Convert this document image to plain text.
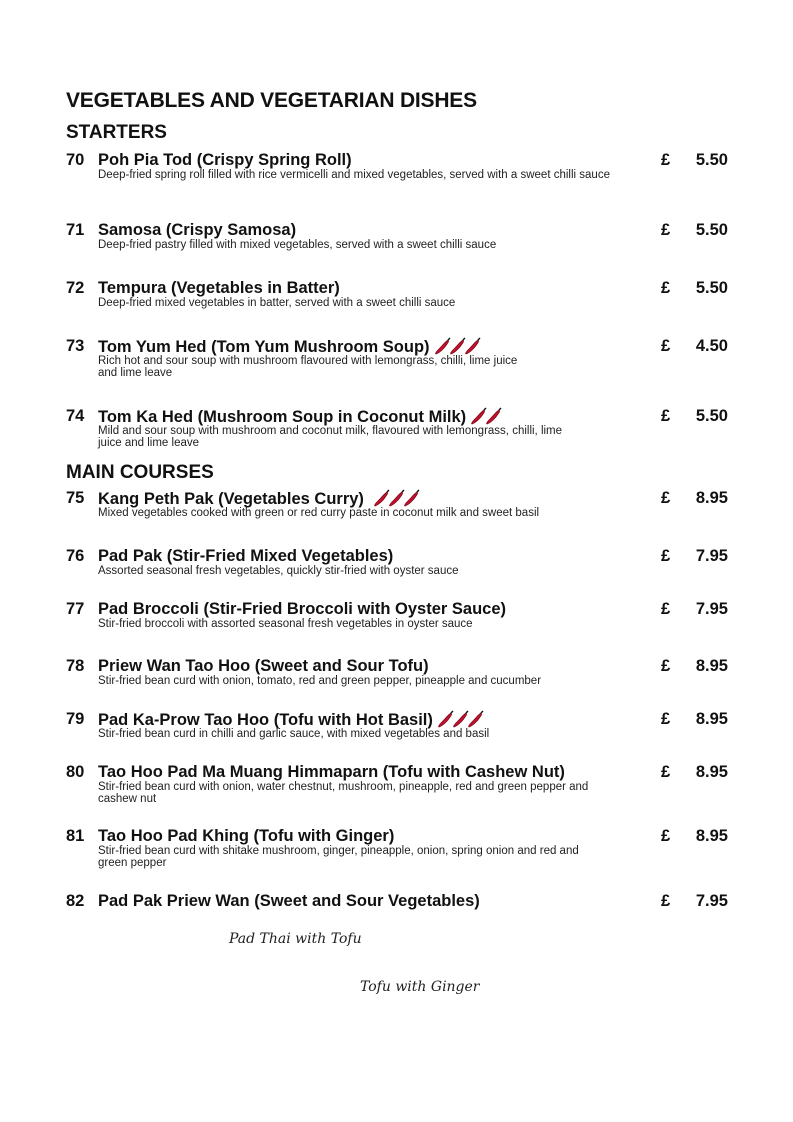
VEGETABLES AND VEGETARIAN DISHES
STARTERS
70 Poh Pia Tod (Crispy Spring Roll)	£ 5.50

Deep-fried spring roll filled with rice vermicelli and mixed vegetables, served with a sweet chilli sauce

71 Samosa (Crispy Samosa)	£ 5.50

Deep-fried pastry filled with mixed vegetables, served with a sweet chilli sauce

72 Tempura (Vegetables in Batter)	£ 5.50

Deep-fried mixed vegetables in batter, served with a sweet chilli sauce

73 Tom Yum Hed (Tom Yum Mushroom Soup)	£ 4.50

Rich hot and sour soup with mushroom flavoured with lemongrass, chilli, lime juice and lime leave

74 Tom Ka Hed (Mushroom Soup in Coconut Milk)	£ 5.50

Mild and sour soup with mushroom and coconut milk, flavoured with lemongrass, chilli, lime juice and lime leave

MAIN COURSES
75 Kang Peth Pak (Vegetables Curry)	£ 8.95

Mixed vegetables cooked with green or red curry paste in coconut milk and sweet basil

76 Pad Pak (Stir-Fried Mixed Vegetables)	£ 7.95

Assorted seasonal fresh vegetables, quickly stir-fried with oyster sauce

77 Pad Broccoli (Stir-Fried Broccoli with Oyster Sauce)	£ 7.95

Stir-fried broccoli with assorted seasonal fresh vegetables in oyster sauce

78 Priew Wan Tao Hoo (Sweet and Sour Tofu)	£ 8.95

Stir-fried bean curd with onion, tomato, red and green pepper, pineapple and cucumber

79 Pad Ka-Prow Tao Hoo (Tofu with Hot Basil)	£ 8.95

Stir-fried bean curd in chilli and garlic sauce, with mixed vegetables and basil

80 Tao Hoo Pad Ma Muang Himmaparn (Tofu with Cashew Nut)	£ 8.95

Stir-fried bean curd with onion, water chestnut, mushroom, pineapple, red and green pepper and cashew nut

81 Tao Hoo Pad Khing (Tofu with Ginger)	£ 8.95

Stir-fried bean curd with shitake mushroom, ginger, pineapple, onion, spring onion and red and green pepper

82 Pad Pak Priew Wan (Sweet and Sour Vegetables)	£ 7.95

Pad Thai with Tofu

Tofu with Ginger
